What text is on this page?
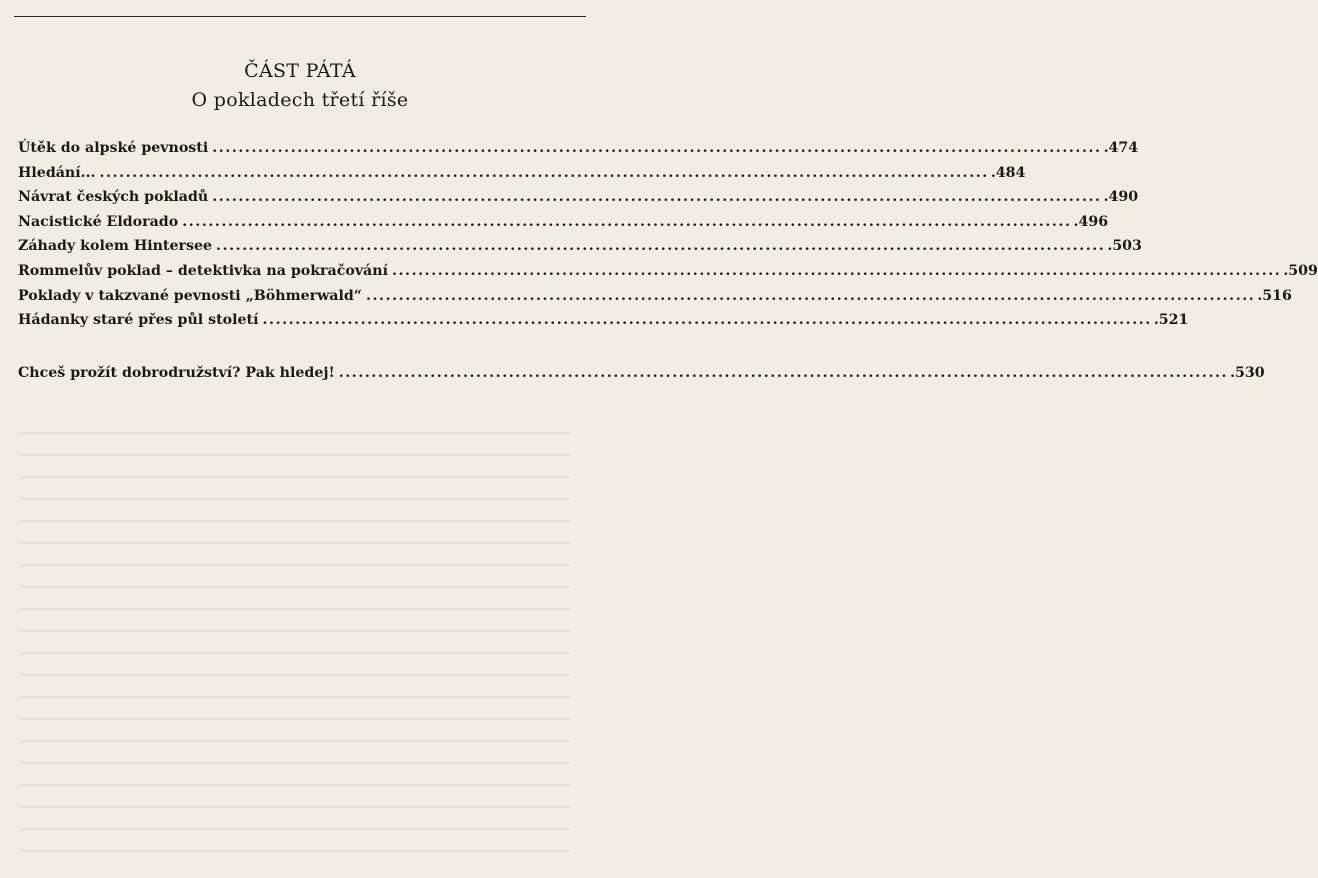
ČÁST PÁTÁ
O pokladech třetí říše
Útěk do alpské pevnosti ........................................................................................................................................ .474
Hledání... ........................................................................................................................................ .484
Návrat českých pokladů ........................................................................................................................................ .490
Nacistické Eldorado ........................................................................................................................................ .496
Záhady kolem Hintersee ........................................................................................................................................ .503
Rommelův poklad – detektivka na pokračování ........................................................................................................................................ .509
Poklady v takzvané pevnosti „Böhmerwald“ ........................................................................................................................................ .516
Hádanky staré přes půl století ........................................................................................................................................ .521
Chceš prožít dobrodružství? Pak hledej! ........................................................................................................................................ .530
